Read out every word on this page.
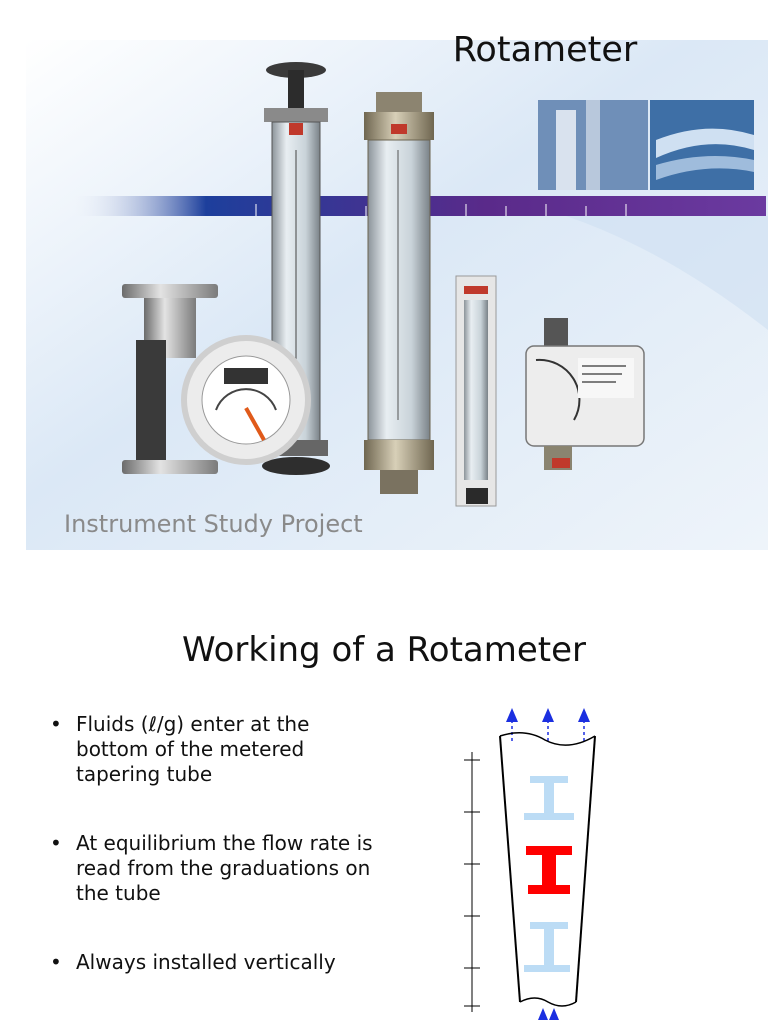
Rotameter
Instrument Study Project
Working of a Rotameter
• Fluids (ℓ/g) enter at the bottom of the metered tapering tube
• At equilibrium the flow rate is read from the graduations on the tube
• Always installed vertically
